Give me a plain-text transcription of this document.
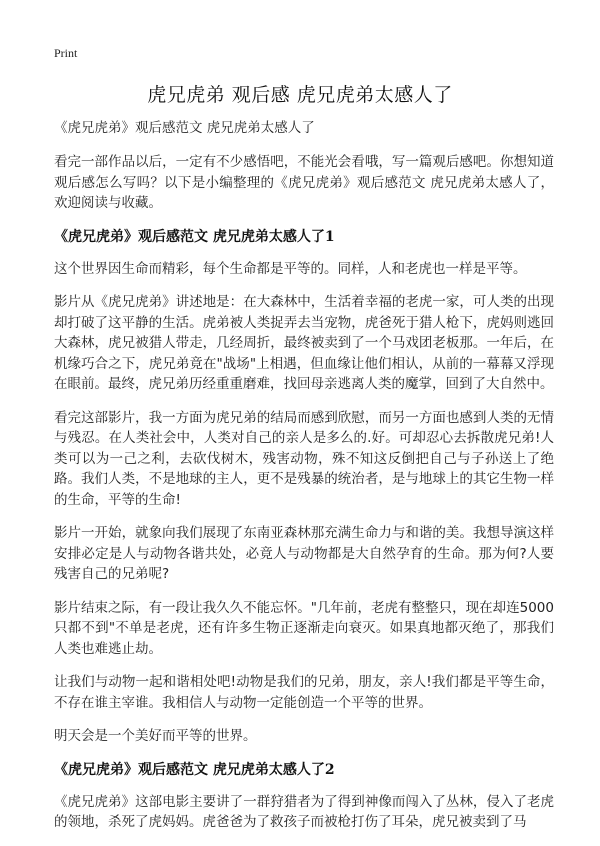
Print
虎兄虎弟 观后感 虎兄虎弟太感人了

《虎兄虎弟》观后感范文 虎兄虎弟太感人了

看完一部作品以后，一定有不少感悟吧，不能光会看哦，写一篇观后感吧。你想知道观后感怎么写吗？以下是小编整理的《虎兄虎弟》观后感范文 虎兄虎弟太感人了，欢迎阅读与收藏。

《虎兄虎弟》观后感范文 虎兄虎弟太感人了1

这个世界因生命而精彩，每个生命都是平等的。同样，人和老虎也一样是平等。

影片从《虎兄虎弟》讲述地是：在大森林中，生活着幸福的老虎一家，可人类的出现却打破了这平静的生活。虎弟被人类捉弄去当宠物，虎爸死于猎人枪下，虎妈则逃回大森林，虎兄被猎人带走，几经周折，最终被卖到了一个马戏团老板那。一年后，在机缘巧合之下，虎兄弟竟在"战场"上相遇，但血缘让他们相认，从前的一幕幕又浮现在眼前。最终，虎兄弟历经重重磨难，找回母亲逃离人类的魔掌，回到了大自然中。

看完这部影片，我一方面为虎兄弟的结局而感到欣慰，而另一方面也感到人类的无情与残忍。在人类社会中，人类对自己的亲人是多么的.好。可却忍心去拆散虎兄弟!人类可以为一己之利，去砍伐树木，残害动物，殊不知这反倒把自己与子孙送上了绝路。我们人类，不是地球的主人，更不是残暴的统治者，是与地球上的其它生物一样的生命，平等的生命!

影片一开始，就象向我们展现了东南亚森林那充满生命力与和谐的美。我想导演这样安排必定是人与动物各谐共处，必竟人与动物都是大自然孕育的生命。那为何?人要残害自己的兄弟呢?

影片结束之际，有一段让我久久不能忘怀。"几年前，老虎有整整只，现在却连5000只都不到"不单是老虎，还有许多生物正逐渐走向衰灭。如果真地都灭绝了，那我们人类也难逃止劫。

让我们与动物一起和谐相处吧!动物是我们的兄弟，朋友，亲人!我们都是平等生命，不存在谁主宰谁。我相信人与动物一定能创造一个平等的世界。

明天会是一个美好而平等的世界。

《虎兄虎弟》观后感范文 虎兄虎弟太感人了2

《虎兄虎弟》这部电影主要讲了一群狩猎者为了得到神像而闯入了丛林，侵入了老虎的领地，杀死了虎妈妈。虎爸爸为了救孩子而被枪打伤了耳朵，虎兄被卖到了马
